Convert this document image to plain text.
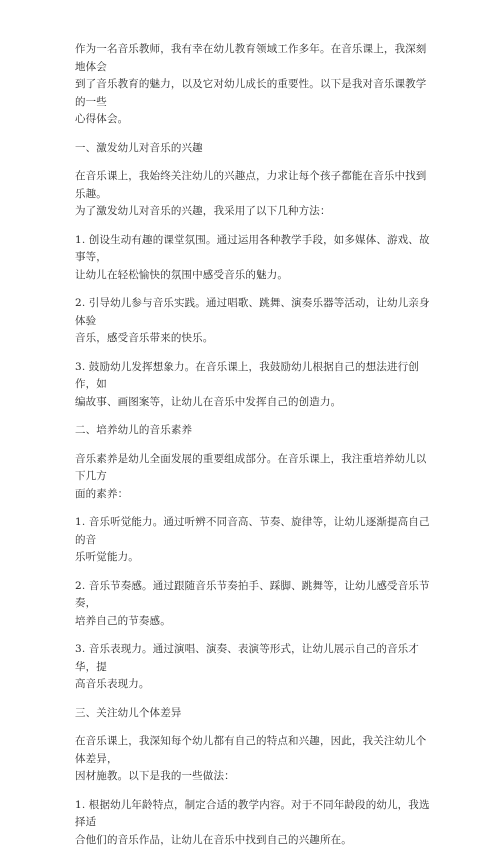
作为一名音乐教师，我有幸在幼儿教育领域工作多年。在音乐课上，我深刻地体会
到了音乐教育的魅力，以及它对幼儿成长的重要性。以下是我对音乐课教学的一些
心得体会。

一、激发幼儿对音乐的兴趣

在音乐课上，我始终关注幼儿的兴趣点，力求让每个孩子都能在音乐中找到乐趣。
为了激发幼儿对音乐的兴趣，我采用了以下几种方法：

1. 创设生动有趣的课堂氛围。通过运用各种教学手段，如多媒体、游戏、故事等，
让幼儿在轻松愉快的氛围中感受音乐的魅力。

2. 引导幼儿参与音乐实践。通过唱歌、跳舞、演奏乐器等活动，让幼儿亲身体验
音乐，感受音乐带来的快乐。

3. 鼓励幼儿发挥想象力。在音乐课上，我鼓励幼儿根据自己的想法进行创作，如
编故事、画图案等，让幼儿在音乐中发挥自己的创造力。

二、培养幼儿的音乐素养

音乐素养是幼儿全面发展的重要组成部分。在音乐课上，我注重培养幼儿以下几方
面的素养：

1. 音乐听觉能力。通过听辨不同音高、节奏、旋律等，让幼儿逐渐提高自己的音
乐听觉能力。

2. 音乐节奏感。通过跟随音乐节奏拍手、踩脚、跳舞等，让幼儿感受音乐节奏，
培养自己的节奏感。

3. 音乐表现力。通过演唱、演奏、表演等形式，让幼儿展示自己的音乐才华，提
高音乐表现力。

三、关注幼儿个体差异

在音乐课上，我深知每个幼儿都有自己的特点和兴趣，因此，我关注幼儿个体差异，
因材施教。以下是我的一些做法：

1. 根据幼儿年龄特点，制定合适的教学内容。对于不同年龄段的幼儿，我选择适
合他们的音乐作品，让幼儿在音乐中找到自己的兴趣所在。
